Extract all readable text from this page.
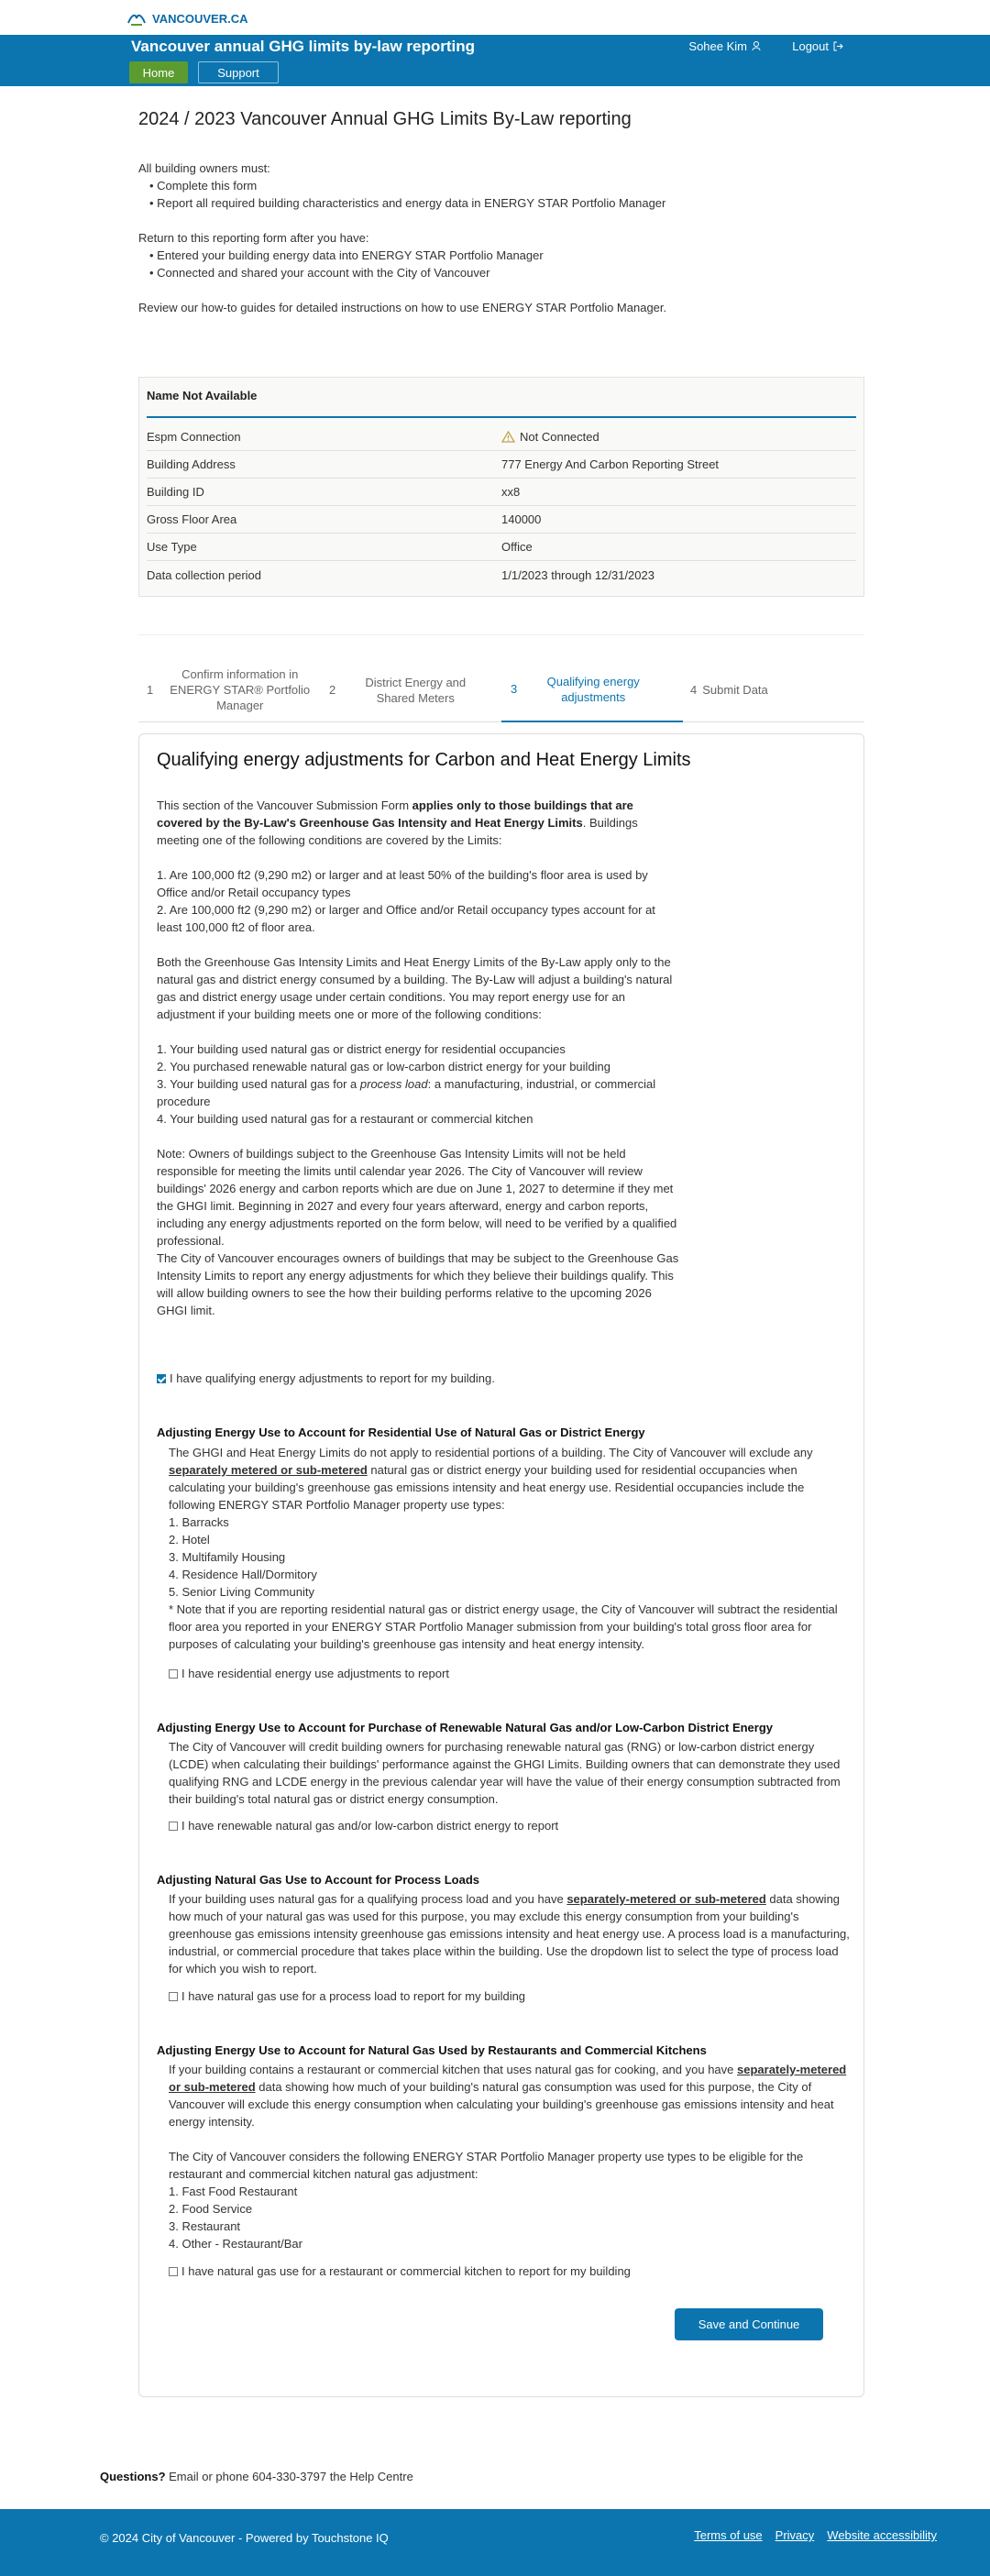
VANCOUVER.CA
Vancouver annual GHG limits by-law reporting	Sohee Kim	Logout
Home	Support
2024 / 2023 Vancouver Annual GHG Limits By-Law reporting
All building owners must:
• Complete this form
• Report all required building characteristics and energy data in ENERGY STAR Portfolio Manager
Return to this reporting form after you have:
• Entered your building energy data into ENERGY STAR Portfolio Manager
• Connected and shared your account with the City of Vancouver
Review our how-to guides for detailed instructions on how to use ENERGY STAR Portfolio Manager.
Name Not Available
Espm Connection	Not Connected
Building Address	777 Energy And Carbon Reporting Street
Building ID	xx8
Gross Floor Area	140000
Use Type	Office
Data collection period	1/1/2023 through 12/31/2023
1
Confirm information in ENERGY STAR® Portfolio Manager
2
District Energy and Shared Meters
3
Qualifying energy adjustments	4 Submit Data
Qualifying energy adjustments for Carbon and Heat Energy Limits

This section of the Vancouver Submission Form applies only to those buildings that are covered by the By-Law's Greenhouse Gas Intensity and Heat Energy Limits. Buildings meeting one of the following conditions are covered by the Limits:

1. Are 100,000 ft2 (9,290 m2) or larger and at least 50% of the building's floor area is used by Office and/or Retail occupancy types
2. Are 100,000 ft2 (9,290 m2) or larger and Office and/or Retail occupancy types account for at least 100,000 ft2 of floor area.

Both the Greenhouse Gas Intensity Limits and Heat Energy Limits of the By-Law apply only to the natural gas and district energy consumed by a building. The By-Law will adjust a building's natural gas and district energy usage under certain conditions. You may report energy use for an adjustment if your building meets one or more of the following conditions:

1. Your building used natural gas or district energy for residential occupancies
2. You purchased renewable natural gas or low-carbon district energy for your building
3. Your building used natural gas for a process load: a manufacturing, industrial, or commercial procedure
4. Your building used natural gas for a restaurant or commercial kitchen
Note: Owners of buildings subject to the Greenhouse Gas Intensity Limits will not be held responsible for meeting the limits until calendar year 2026. The City of Vancouver will review buildings' 2026 energy and carbon reports which are due on June 1, 2027 to determine if they met the GHGI limit. Beginning in 2027 and every four years afterward, energy and carbon reports, including any energy adjustments reported on the form below, will need to be verified by a qualified professional.
The City of Vancouver encourages owners of buildings that may be subject to the Greenhouse Gas Intensity Limits to report any energy adjustments for which they believe their buildings qualify. This will allow building owners to see the how their building performs relative to the upcoming 2026 GHGI limit.
I have qualifying energy adjustments to report for my building.
Adjusting Energy Use to Account for Residential Use of Natural Gas or District Energy
The GHGI and Heat Energy Limits do not apply to residential portions of a building. The City of Vancouver will exclude any separately metered or sub-metered natural gas or district energy your building used for residential occupancies when calculating your building's greenhouse gas emissions intensity and heat energy use. Residential occupancies include the following ENERGY STAR Portfolio Manager property use types:
1. Barracks
2. Hotel
3. Multifamily Housing
4. Residence Hall/Dormitory
5. Senior Living Community
* Note that if you are reporting residential natural gas or district energy usage, the City of Vancouver will subtract the residential floor area you reported in your ENERGY STAR Portfolio Manager submission from your building's total gross floor area for purposes of calculating your building's greenhouse gas intensity and heat energy intensity.
I have residential energy use adjustments to report
Adjusting Energy Use to Account for Purchase of Renewable Natural Gas and/or Low-Carbon District Energy
The City of Vancouver will credit building owners for purchasing renewable natural gas (RNG) or low-carbon district energy (LCDE) when calculating their buildings' performance against the GHGI Limits. Building owners that can demonstrate they used qualifying RNG and LCDE energy in the previous calendar year will have the value of their energy consumption subtracted from their building's total natural gas or district energy consumption.
I have renewable natural gas and/or low-carbon district energy to report
Adjusting Natural Gas Use to Account for Process Loads
If your building uses natural gas for a qualifying process load and you have separately-metered or sub-metered data showing how much of your natural gas was used for this purpose, you may exclude this energy consumption from your building's greenhouse gas emissions intensity greenhouse gas emissions intensity and heat energy use. A process load is a manufacturing, industrial, or commercial procedure that takes place within the building. Use the dropdown list to select the type of process load for which you wish to report.
I have natural gas use for a process load to report for my building
Adjusting Energy Use to Account for Natural Gas Used by Restaurants and Commercial Kitchens

If your building contains a restaurant or commercial kitchen that uses natural gas for cooking, and you have separately-metered or sub-metered data showing how much of your building's natural gas consumption was used for this purpose, the City of Vancouver will exclude this energy consumption when calculating your building's greenhouse gas emissions intensity and heat energy intensity.

The City of Vancouver considers the following ENERGY STAR Portfolio Manager property use types to be eligible for the restaurant and commercial kitchen natural gas adjustment:
1. Fast Food Restaurant
2. Food Service
3. Restaurant
4. Other - Restaurant/Bar
I have natural gas use for a restaurant or commercial kitchen to report for my building
Save and Continue
Questions? Email or phone 604-330-3797 the Help Centre
© 2024 City of Vancouver - Powered by Touchstone IQ	Terms of use Privacy Website accessibility
